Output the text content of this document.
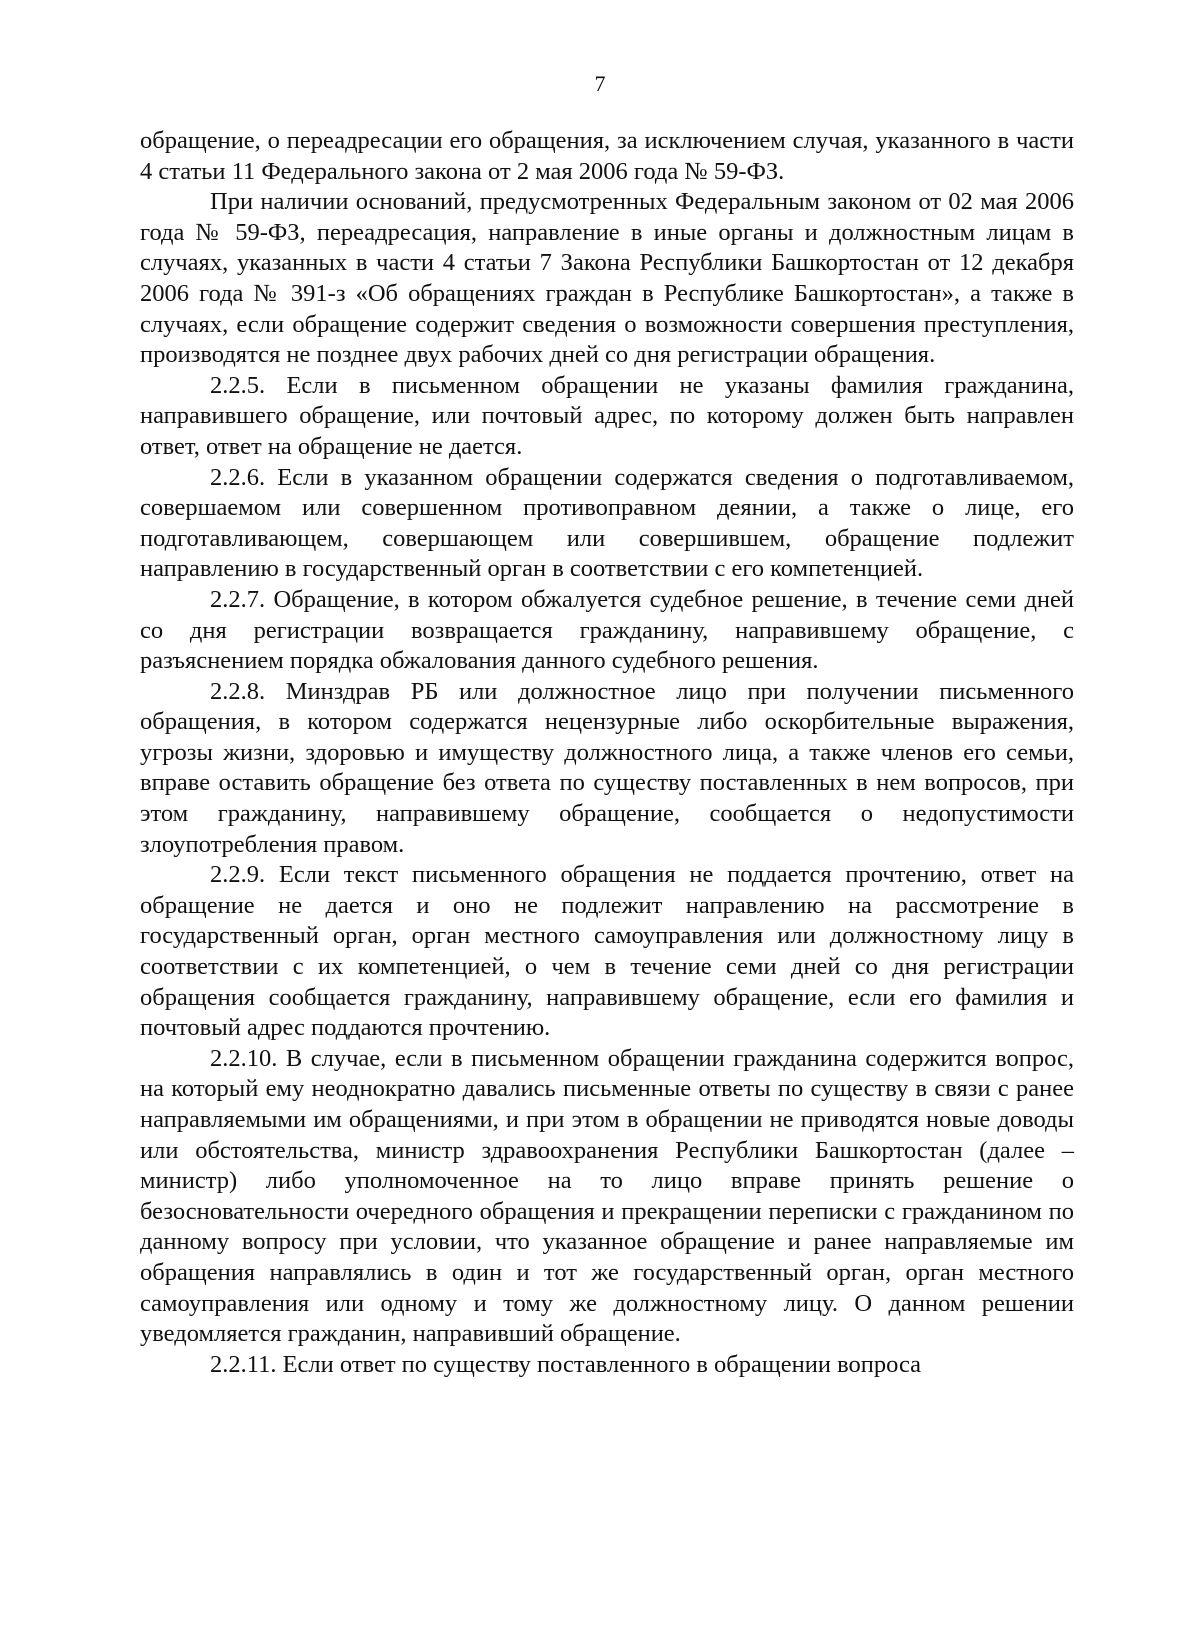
7

обращение, о переадресации его обращения, за исключением случая, указанного в части 4 статьи 11 Федерального закона от 2 мая 2006 года № 59-ФЗ.

При наличии оснований, предусмотренных Федеральным законом от 02 мая 2006 года № 59-ФЗ, переадресация, направление в иные органы и должностным лицам в случаях, указанных в части 4 статьи 7 Закона Республики Башкортостан от 12 декабря 2006 года № 391-з «Об обращениях граждан в Республике Башкортостан», а также в случаях, если обращение содержит сведения о возможности совершения преступления, производятся не позднее двух рабочих дней со дня регистрации обращения.

2.2.5. Если в письменном обращении не указаны фамилия гражданина, направившего обращение, или почтовый адрес, по которому должен быть направлен ответ, ответ на обращение не дается.

2.2.6. Если в указанном обращении содержатся сведения о подготавливаемом, совершаемом или совершенном противоправном деянии, а также о лице, его подготавливающем, совершающем или совершившем, обращение подлежит направлению в государственный орган в соответствии с его компетенцией.

2.2.7. Обращение, в котором обжалуется судебное решение, в течение семи дней со дня регистрации возвращается гражданину, направившему обращение, с разъяснением порядка обжалования данного судебного решения.

2.2.8. Минздрав РБ или должностное лицо при получении письменного обращения, в котором содержатся нецензурные либо оскорбительные выражения, угрозы жизни, здоровью и имуществу должностного лица, а также членов его семьи, вправе оставить обращение без ответа по существу поставленных в нем вопросов, при этом гражданину, направившему обращение, сообщается о недопустимости злоупотребления правом.

2.2.9. Если текст письменного обращения не поддается прочтению, ответ на обращение не дается и оно не подлежит направлению на рассмотрение в государственный орган, орган местного самоуправления или должностному лицу в соответствии с их компетенцией, о чем в течение семи дней со дня регистрации обращения сообщается гражданину, направившему обращение, если его фамилия и почтовый адрес поддаются прочтению.

2.2.10. В случае, если в письменном обращении гражданина содержится вопрос, на который ему неоднократно давались письменные ответы по существу в связи с ранее направляемыми им обращениями, и при этом в обращении не приводятся новые доводы или обстоятельства, министр здравоохранения Республики Башкортостан (далее – министр) либо уполномоченное на то лицо вправе принять решение о безосновательности очередного обращения и прекращении переписки с гражданином по данному вопросу при условии, что указанное обращение и ранее направляемые им обращения направлялись в один и тот же государственный орган, орган местного самоуправления или одному и тому же должностному лицу. О данном решении уведомляется гражданин, направивший обращение.

2.2.11. Если ответ по существу поставленного в обращении вопроса
